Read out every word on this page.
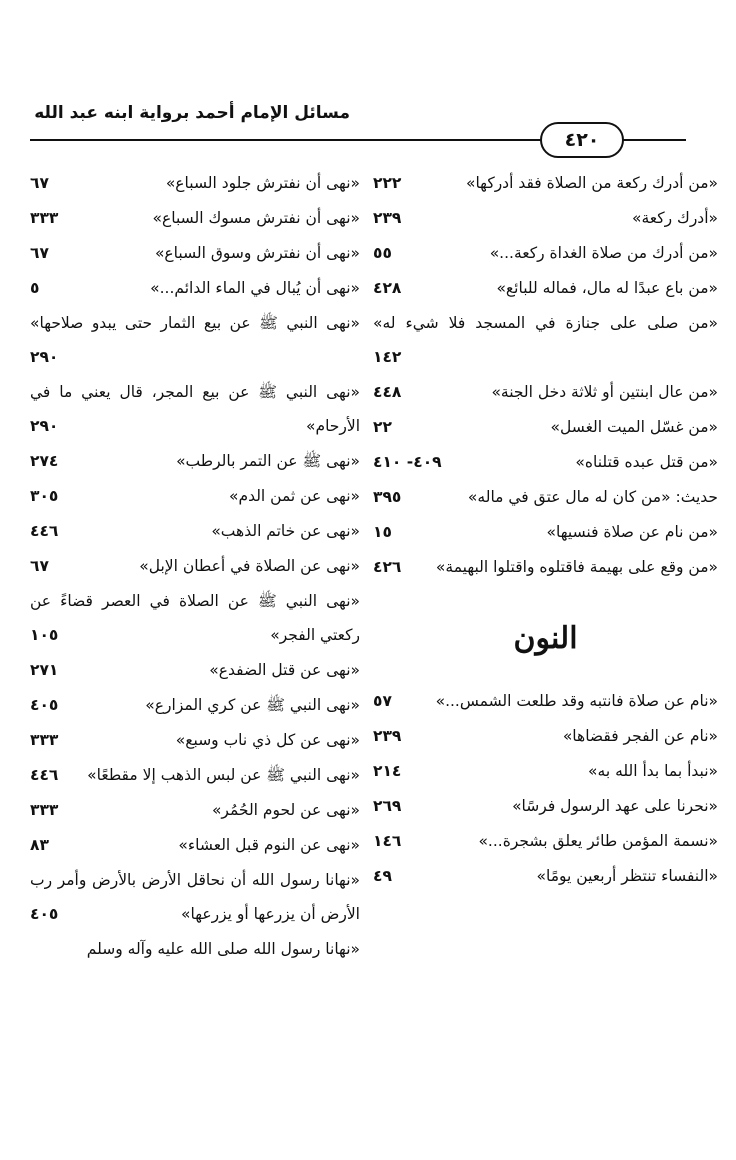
مسائل الإمام أحمد برواية ابنه عبد الله
٤٢٠
«من أدرك ركعة من الصلاة فقد أدركها»
٢٢٢
«أدرك ركعة»
٢٣٩
«من أدرك من صلاة الغداة ركعة...»
٥٥
«من باع عبدًا له مال، فماله للبائع»
٤٢٨
«من صلى على جنازة في المسجد فلا شيء له»
١٤٢
«من عال ابنتين أو ثلاثة دخل الجنة»
٤٤٨
«من غسّل الميت الغسل»
٢٢
«من قتل عبده قتلناه»
٤٠٩- ٤١٠
حديث: «من كان له مال عتق في ماله»
٣٩٥
«من نام عن صلاة فنسيها»
١٥
«من وقع على بهيمة فاقتلوه واقتلوا البهيمة»
٤٢٦
النون
«نام عن صلاة فانتبه وقد طلعت الشمس...»
٥٧
«نام عن الفجر فقضاها»
٢٣٩
«نبدأ بما بدأ الله به»
٢١٤
«نحرنا على عهد الرسول فرسًا»
٢٦٩
«نسمة المؤمن طائر يعلق بشجرة...»
١٤٦
«النفساء تنتظر أربعين يومًا»
٤٩
«نهى أن نفترش جلود السباع»
٦٧
«نهى أن نفترش مسوك السباع»
٣٣٣
«نهى أن نفترش وسوق السباع»
٦٧
«نهى أن يُبال في الماء الدائم...»
٥
«نهى النبي ﷺ عن بيع الثمار حتى يبدو صلاحها»
٢٩٠
«نهى النبي ﷺ عن بيع المجر، قال يعني ما في الأرحام»
٢٩٠
«نهى ﷺ عن التمر بالرطب»
٢٧٤
«نهى عن ثمن الدم»
٣٠٥
«نهى عن خاتم الذهب»
٤٤٦
«نهى عن الصلاة في أعطان الإبل»
٦٧
«نهى النبي ﷺ عن الصلاة في العصر قضاءً عن ركعتي الفجر»
١٠٥
«نهى عن قتل الضفدع»
٢٧١
«نهى النبي ﷺ عن كري المزارع»
٤٠٥
«نهى عن كل ذي ناب وسبع»
٣٣٣
«نهى النبي ﷺ عن لبس الذهب إلا مقطعًا»
٤٤٦
«نهى عن لحوم الحُمُر»
٣٣٣
«نهى عن النوم قبل العشاء»
٨٣
«نهانا رسول الله أن نحاقل الأرض بالأرض وأمر رب الأرض أن يزرعها أو يزرعها»
٤٠٥
«نهانا رسول الله صلى الله عليه وآله وسلم
